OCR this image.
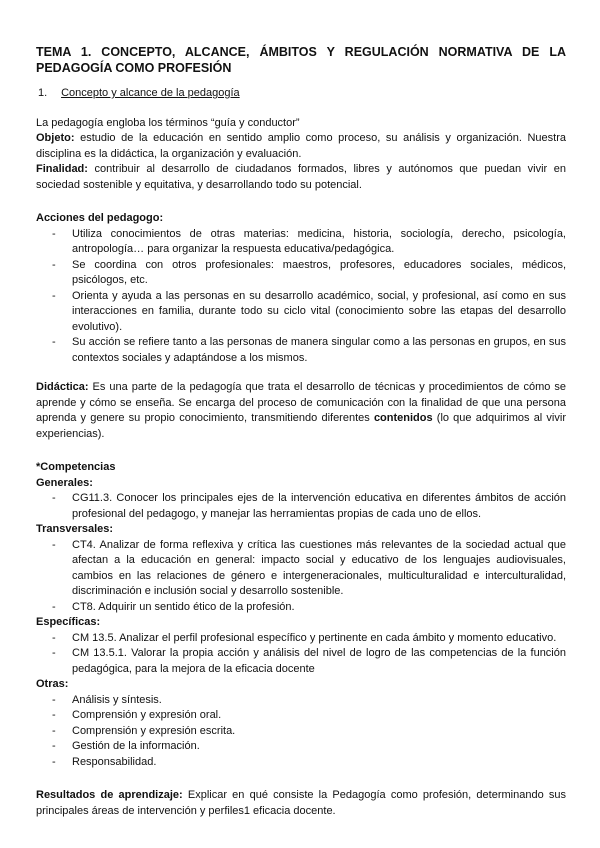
TEMA 1. CONCEPTO, ALCANCE, ÁMBITOS Y REGULACIÓN NORMATIVA DE LA
PEDAGOGÍA COMO PROFESIÓN
1. Concepto y alcance de la pedagogía

La pedagogía engloba los términos “guía y conductor”

Objeto: estudio de la educación en sentido amplio como proceso, su análisis y organización. Nuestra disciplina es la didáctica, la organización y evaluación.

Finalidad: contribuir al desarrollo de ciudadanos formados, libres y autónomos que puedan vivir en sociedad sostenible y equitativa, y desarrollando todo su potencial.

Acciones del pedagogo:
- Utiliza conocimientos de otras materias: medicina, historia, sociología, derecho, psicología, antropología… para organizar la respuesta educativa/pedagógica.
- Se coordina con otros profesionales: maestros, profesores, educadores sociales, médicos, psicólogos, etc.
- Orienta y ayuda a las personas en su desarrollo académico, social, y profesional, así como en sus interacciones en familia, durante todo su ciclo vital (conocimiento sobre las etapas del desarrollo evolutivo).
- Su acción se refiere tanto a las personas de manera singular como a las personas en grupos, en sus contextos sociales y adaptándose a los mismos.

Didáctica: Es una parte de la pedagogía que trata el desarrollo de técnicas y procedimientos de cómo se aprende y cómo se enseña. Se encarga del proceso de comunicación con la finalidad de que una persona aprenda y genere su propio conocimiento, transmitiendo diferentes contenidos (lo que adquirimos al vivir experiencias).

*Competencias
Generales:
- CG11.3. Conocer los principales ejes de la intervención educativa en diferentes ámbitos de acción profesional del pedagogo, y manejar las herramientas propias de cada uno de ellos.
Transversales:
- CT4. Analizar de forma reflexiva y crítica las cuestiones más relevantes de la sociedad actual que afectan a la educación en general: impacto social y educativo de los lenguajes audiovisuales, cambios en las relaciones de género e intergeneracionales, multiculturalidad e interculturalidad, discriminación e inclusión social y desarrollo sostenible.
- CT8. Adquirir un sentido ético de la profesión.
Específicas:
- CM 13.5. Analizar el perfil profesional específico y pertinente en cada ámbito y momento educativo.
- CM 13.5.1. Valorar la propia acción y análisis del nivel de logro de las competencias de la función pedagógica, para la mejora de la eficacia docente
Otras:
- Análisis y síntesis.
- Comprensión y expresión oral.
- Comprensión y expresión escrita.
- Gestión de la información.
- Responsabilidad.

Resultados de aprendizaje: Explicar en qué consiste la Pedagogía como profesión, determinando sus principales áreas de intervención y perfiles1 eficacia docente.
